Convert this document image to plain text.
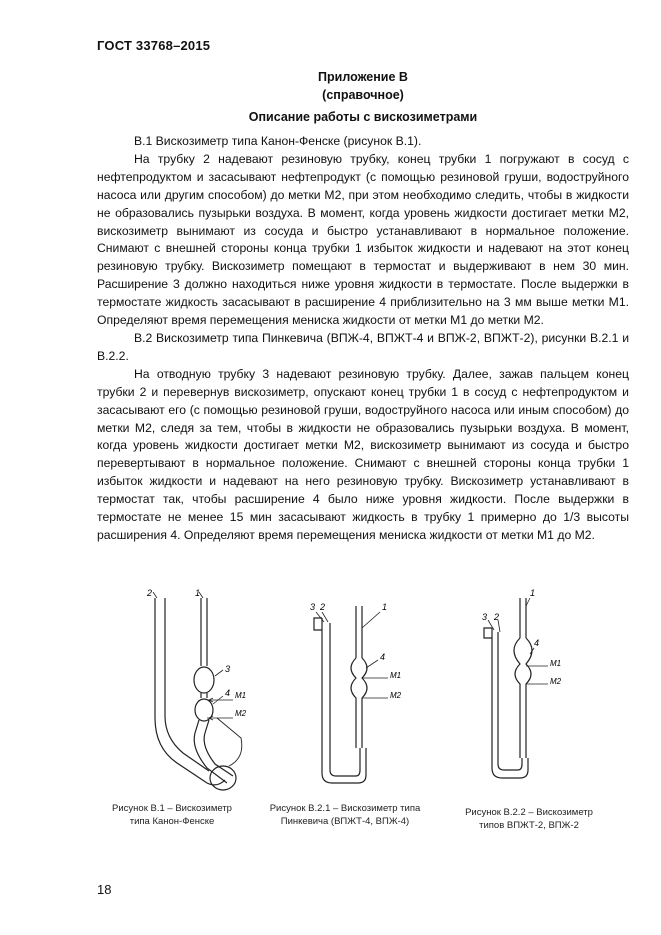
ГОСТ 33768–2015
Приложение В
(справочное)
Описание работы с вискозиметрами

В.1 Вискозиметр типа Канон-Фенске (рисунок В.1).

На трубку 2 надевают резиновую трубку, конец трубки 1 погружают в сосуд с нефтепродуктом и засасывают нефтепродукт (с помощью резиновой груши, водоструйного насоса или другим способом) до метки M2, при этом необходимо следить, чтобы в жидкости не образовались пузырьки воздуха. В момент, когда уровень жидкости достигает метки M2, вискозиметр вынимают из сосуда и быстро устанавливают в нормальное положение. Снимают с внешней стороны конца трубки 1 избыток жидкости и надевают на этот конец резиновую трубку. Вискозиметр помещают в термостат и выдерживают в нем 30 мин. Расширение 3 должно находиться ниже уровня жидкости в термостате. После выдержки в термостате жидкость засасывают в расширение 4 приблизительно на 3 мм выше метки M1. Определяют время перемещения мениска жидкости от метки M1 до метки M2.

В.2 Вискозиметр типа Пинкевича (ВПЖ-4, ВПЖТ-4 и ВПЖ-2, ВПЖТ-2), рисунки В.2.1 и В.2.2.

На отводную трубку 3 надевают резиновую трубку. Далее, зажав пальцем конец трубки 2 и перевернув вискозиметр, опускают конец трубки 1 в сосуд с нефтепродуктом и засасывают его (с помощью резиновой груши, водоструйного насоса или иным способом) до метки M2, следя за тем, чтобы в жидкости не образовались пузырьки воздуха. В момент, когда уровень жидкости достигает метки M2, вискозиметр вынимают из сосуда и быстро перевертывают в нормальное положение. Снимают с внешней стороны конца трубки 1 избыток жидкости и надевают на него резиновую трубку. Вискозиметр устанавливают в термостат так, чтобы расширение 4 было ниже уровня жидкости. После выдержки в термостате не менее 15 мин засасывают жидкость в трубку 1 примерно до 1/3 высоты расширения 4. Определяют время перемещения мениска жидкости от метки M1 до M2.

2	1
3
4 M1
M2
3 2	1
4
M1
M2
3 2
1
4
M1
M2
Рисунок В.1 – Вискозиметр
типа Канон-Фенске
Рисунок В.2.1 – Вискозиметр типа
Пинкевича (ВПЖТ-4, ВПЖ-4)
Рисунок В.2.2 – Вискозиметр
типов ВПЖТ-2, ВПЖ-2
18
